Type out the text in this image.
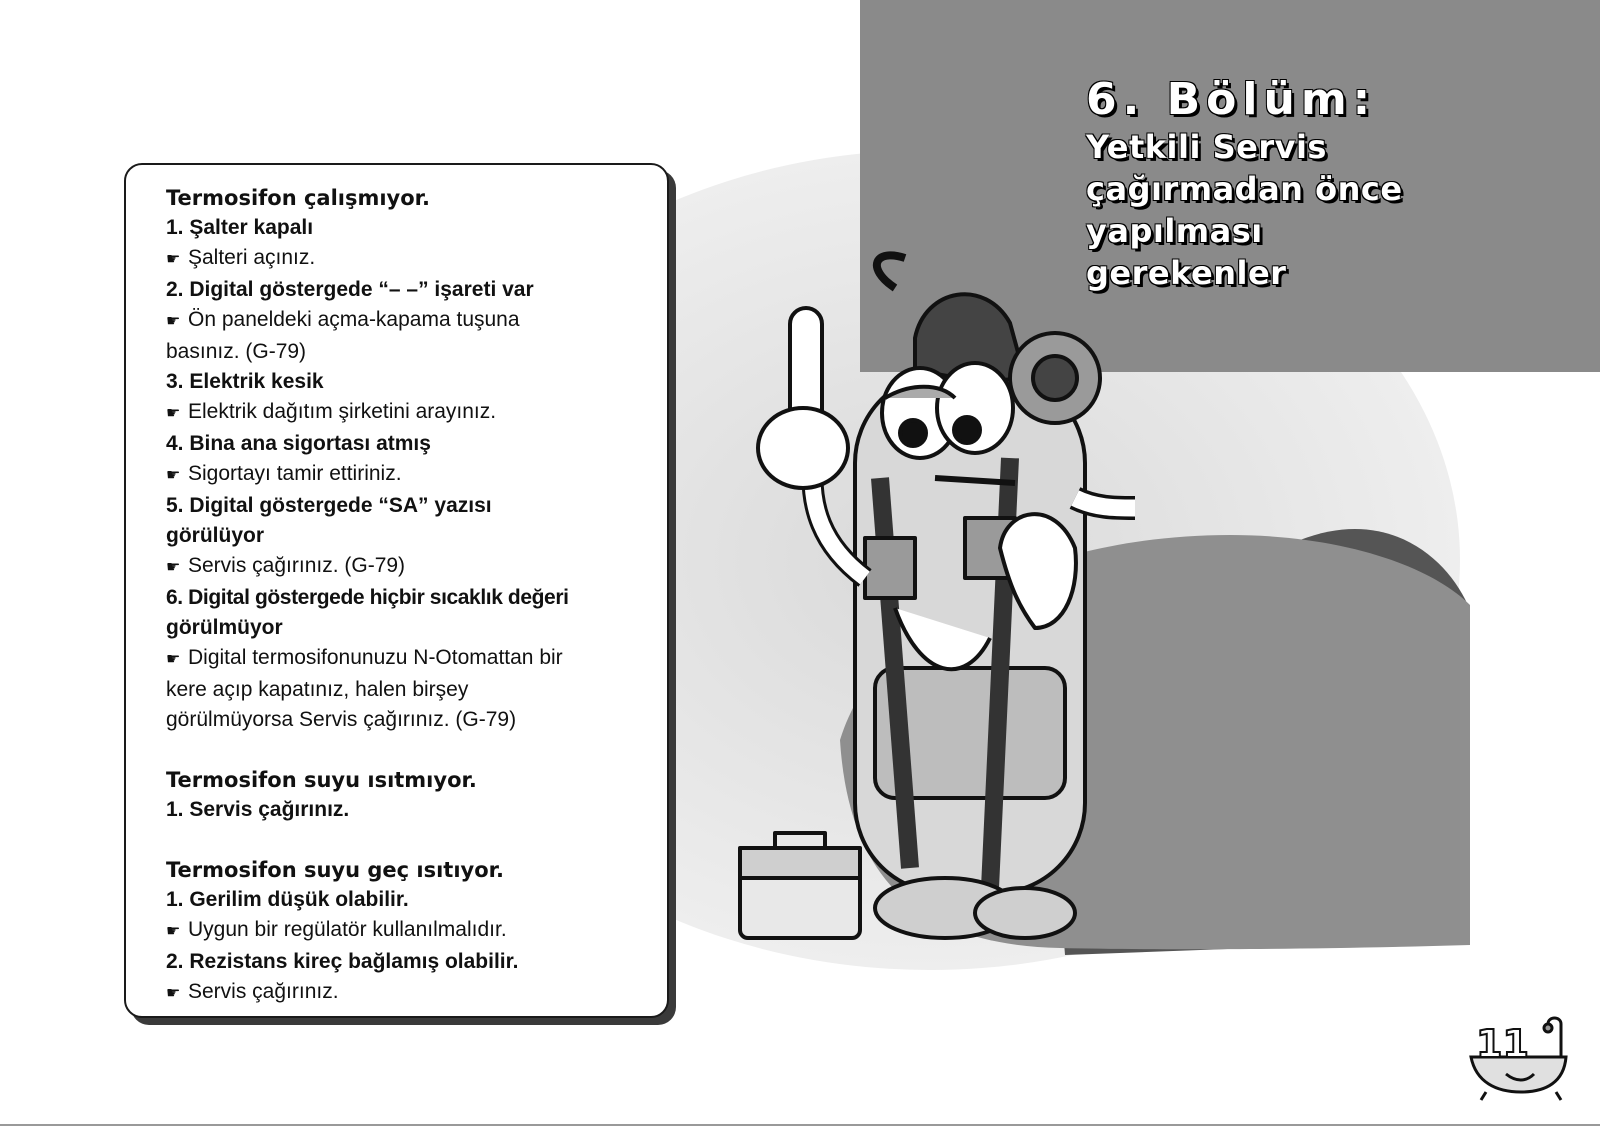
6. Bölüm:
Yetkili Servis
çağırmadan önce
yapılması
gerekenler
Termosifon çalışmıyor.
1. Şalter kapalı
☛ Şalteri açınız.
2. Digital göstergede “– –” işareti var
☛ Ön paneldeki açma-kapama tuşuna
basınız. (G-79)
3. Elektrik kesik
☛ Elektrik dağıtım şirketini arayınız.
4. Bina ana sigortası atmış
☛ Sigortayı tamir ettiriniz.
5. Digital göstergede “SA” yazısı
görülüyor
☛ Servis çağırınız. (G-79)
6. Digital göstergede hiçbir sıcaklık değeri
görülmüyor
☛ Digital termosifonunuzu N-Otomattan bir
kere açıp kapatınız, halen birşey
görülmüyorsa Servis çağırınız. (G-79)
Termosifon suyu ısıtmıyor.
1. Servis çağırınız.
Termosifon suyu geç ısıtıyor.
1. Gerilim düşük olabilir.
☛ Uygun bir regülatör kullanılmalıdır.
2. Rezistans kireç bağlamış olabilir.
☛ Servis çağırınız.
11
